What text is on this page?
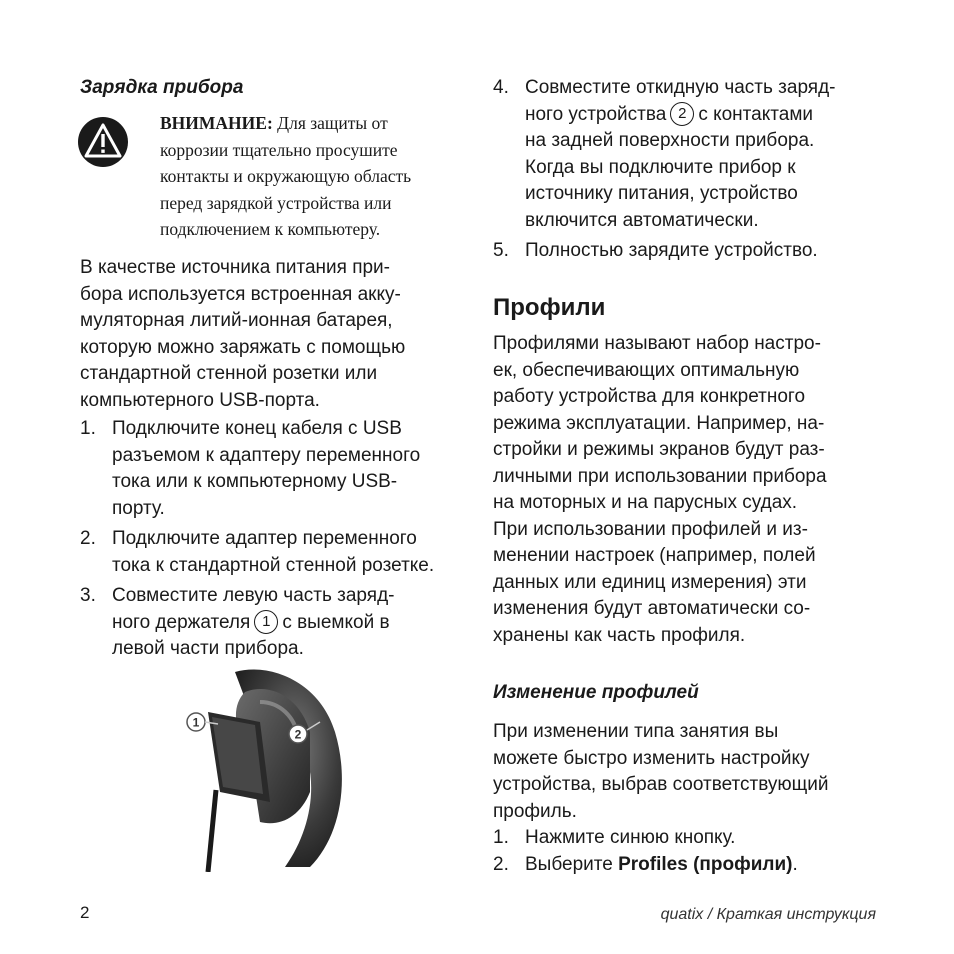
Зарядка прибора

ВНИМАНИЕ: Для защиты от
коррозии тщательно просушите
контакты и окружающую область
перед зарядкой устройства или
подключением к компьютеру.

В качестве источника питания при-
бора используется встроенная акку-
муляторная литий-ионная батарея,
которую можно заряжать с помощью
стандартной стенной розетки или
компьютерного USB-порта.

1. Подключите конец кабеля с USB
разъемом к адаптеру переменного
тока или к компьютерному USB-
порту.
2. Подключите адаптер переменного
тока к стандартной стенной розетке.
3. Совместите левую часть заряд-
ного держателя 1 с выемкой в
левой части прибора.
1
2
4. Совместите откидную часть заряд-
ного устройства 2 с контактами
на задней поверхности прибора.
Когда вы подключите прибор к
источнику питания, устройство
включится автоматически.
5. Полностью зарядите устройство.
Профили

Профилями называют набор настро-
ек, обеспечивающих оптимальную
работу устройства для конкретного
режима эксплуатации. Например, на-
стройки и режимы экранов будут раз-
личными при использовании прибора
на моторных и на парусных судах.
При использовании профилей и из-
менении настроек (например, полей
данных или единиц измерения) эти
изменения будут автоматически со-
хранены как часть профиля.

Изменение профилей

При изменении типа занятия вы
можете быстро изменить настройку
устройства, выбрав соответствующий
профиль.

1. Нажмите синюю кнопку.
2. Выберите Profiles (профили).
2	quatix / Краткая инструкция
